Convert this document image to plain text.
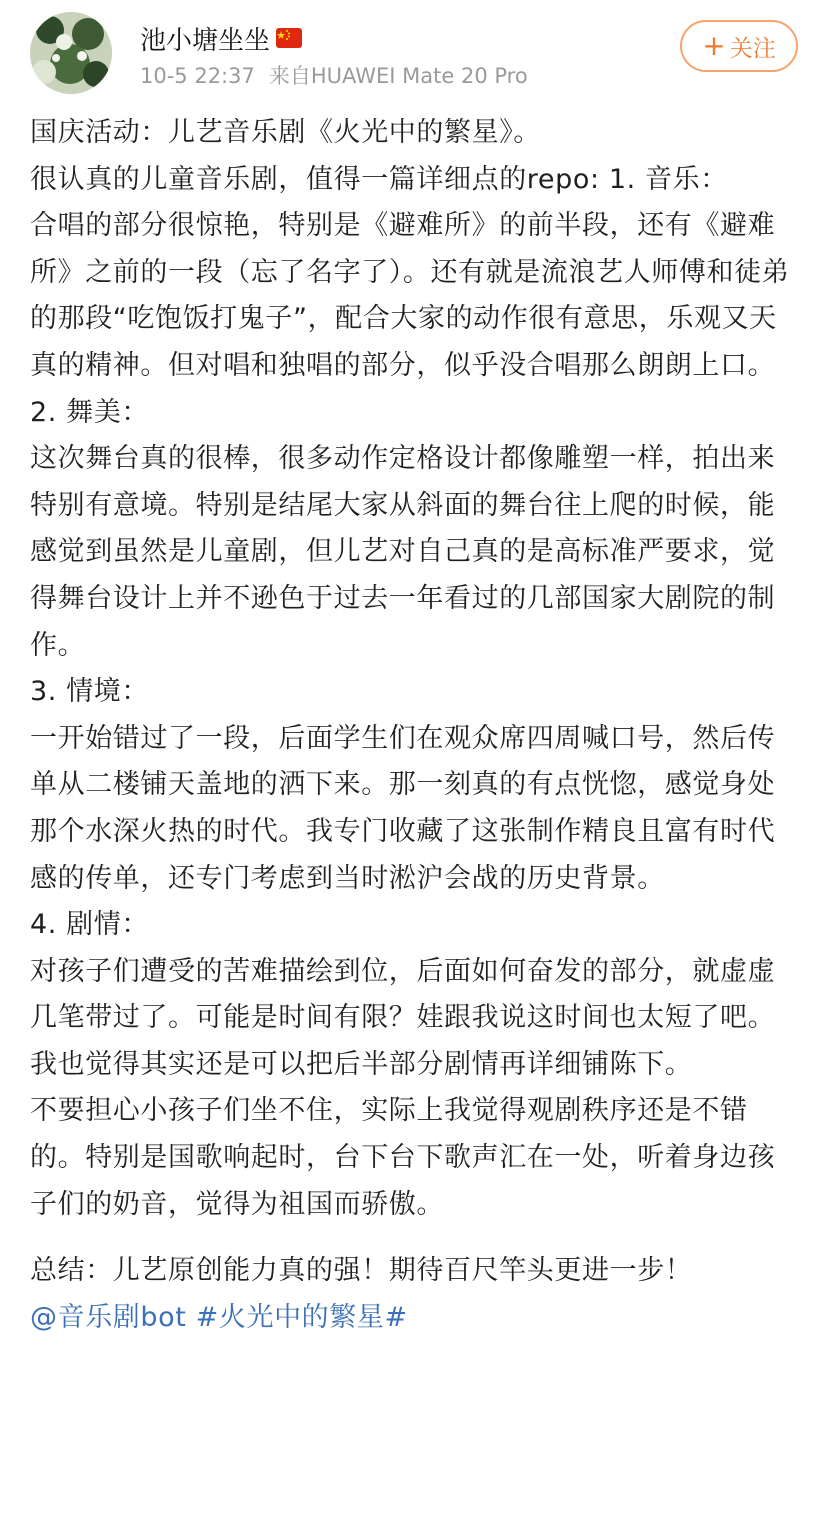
池小塘坐坐
10-5 22:37 来自HUAWEI Mate 20 Pro
+ 关注

国庆活动：儿艺音乐剧《火光中的繁星》。

很认真的儿童音乐剧，值得一篇详细点的repo: 1. 音乐：

合唱的部分很惊艳，特别是《避难所》的前半段，还有《避难所》之前的一段（忘了名字了）。还有就是流浪艺人师傅和徒弟的那段“吃饱饭打鬼子”，配合大家的动作很有意思，乐观又天真的精神。但对唱和独唱的部分，似乎没合唱那么朗朗上口。

2. 舞美：

这次舞台真的很棒，很多动作定格设计都像雕塑一样，拍出来特别有意境。特别是结尾大家从斜面的舞台往上爬的时候，能感觉到虽然是儿童剧，但儿艺对自己真的是高标准严要求，觉得舞台设计上并不逊色于过去一年看过的几部国家大剧院的制作。

3. 情境：

一开始错过了一段，后面学生们在观众席四周喊口号，然后传单从二楼铺天盖地的洒下来。那一刻真的有点恍惚，感觉身处那个水深火热的时代。我专门收藏了这张制作精良且富有时代感的传单，还专门考虑到当时淞沪会战的历史背景。

4. 剧情：

对孩子们遭受的苦难描绘到位，后面如何奋发的部分，就虚虚几笔带过了。可能是时间有限？娃跟我说这时间也太短了吧。我也觉得其实还是可以把后半部分剧情再详细铺陈下。

不要担心小孩子们坐不住，实际上我觉得观剧秩序还是不错的。特别是国歌响起时，台下台下歌声汇在一处，听着身边孩子们的奶音，觉得为祖国而骄傲。

总结：儿艺原创能力真的强！期待百尺竿头更进一步！

@音乐剧bot #火光中的繁星#
